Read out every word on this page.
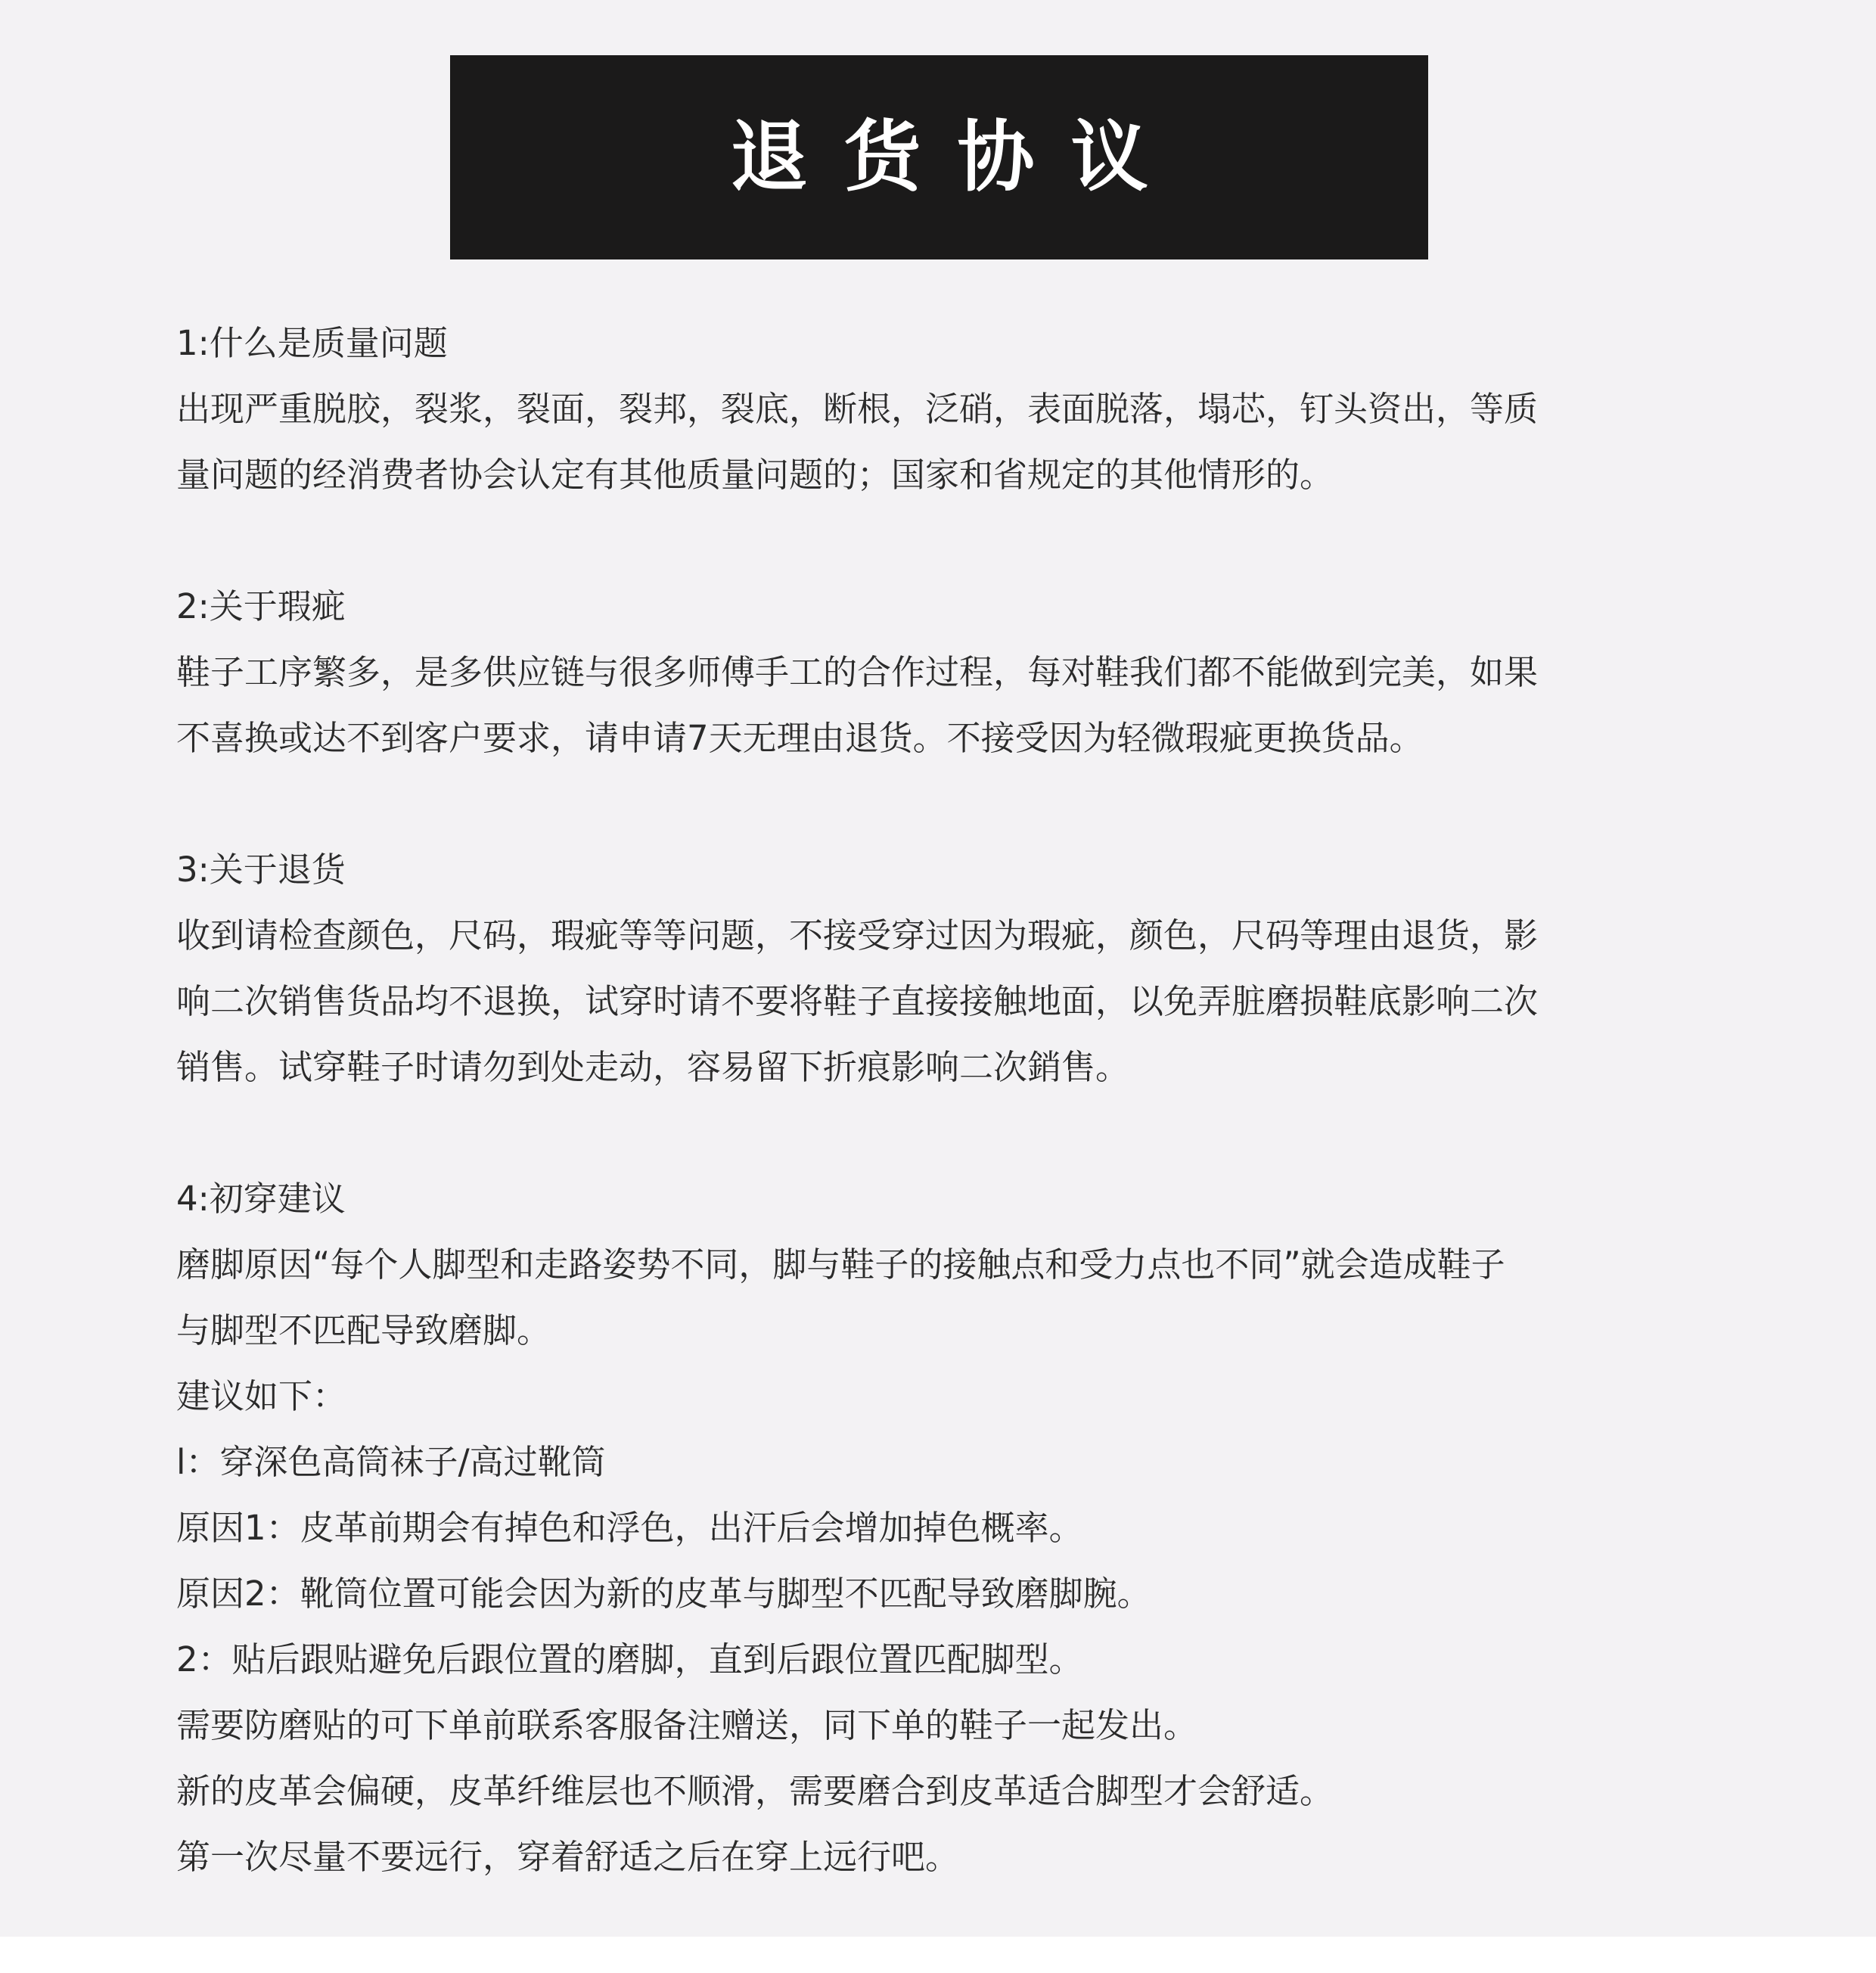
退货协议
1:什么是质量问题
出现严重脱胶，裂浆，裂面，裂邦，裂底，断根，泛硝，表面脱落，塌芯，钉头资出，等质
量问题的经消费者协会认定有其他质量问题的；国家和省规定的其他情形的。
2:关于瑕疵
鞋子工序繁多，是多供应链与很多师傅手工的合作过程，每对鞋我们都不能做到完美，如果
不喜换或达不到客户要求，请申请7天无理由退货。不接受因为轻微瑕疵更换货品。
3:关于退货
收到请检查颜色，尺码，瑕疵等等问题，不接受穿过因为瑕疵，颜色，尺码等理由退货，影
响二次销售货品均不退换，试穿时请不要将鞋子直接接触地面，以免弄脏磨损鞋底影响二次
销售。试穿鞋子时请勿到处走动，容易留下折痕影响二次銷售。
4:初穿建议
磨脚原因“每个人脚型和走路姿势不同，脚与鞋子的接触点和受力点也不同”就会造成鞋子
与脚型不匹配导致磨脚。
建议如下：
l：穿深色高筒袜子/高过靴筒
原因1：皮革前期会有掉色和浮色，出汗后会增加掉色概率。
原因2：靴筒位置可能会因为新的皮革与脚型不匹配导致磨脚腕。
2：贴后跟贴避免后跟位置的磨脚，直到后跟位置匹配脚型。
需要防磨贴的可下单前联系客服备注赠送，同下单的鞋子一起发出。
新的皮革会偏硬，皮革纤维层也不顺滑，需要磨合到皮革适合脚型才会舒适。
第一次尽量不要远行，穿着舒适之后在穿上远行吧。
